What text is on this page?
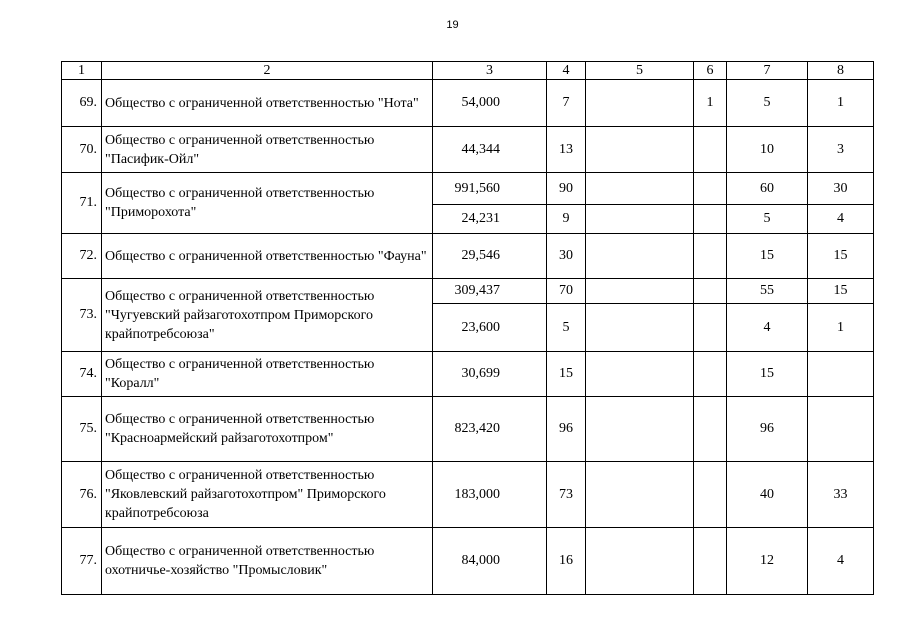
19
1	2	3	4	5	6	7	8
69.	Общество с ограниченной ответственностью "Нота"	54,000	7		1	5	1
70.	Общество с ограниченной ответственностью "Пасифик-Ойл"	44,344	13			10	3
71.	Общество с ограниченной ответственностью "Приморохота"	991,560	90			60	30
		24,231	9			5	4
72.	Общество с ограниченной ответственностью "Фауна"	29,546	30			15	15
73.	Общество с ограниченной ответственностью "Чугуевский райзаготохотпром Приморского крайпотребсоюза"	309,437	70			55	15
		23,600	5			4	1
74.	Общество с ограниченной ответственностью "Коралл"	30,699	15			15	
75.	Общество с ограниченной ответственностью "Красноармейский райзаготохотпром"	823,420	96			96	
76.	Общество с ограниченной ответственностью "Яковлевский райзаготохотпром" Приморского крайпотребсоюза	183,000	73			40	33
77.	Общество с ограниченной ответственностью охотничье-хозяйство "Промысловик"	84,000	16			12	4
